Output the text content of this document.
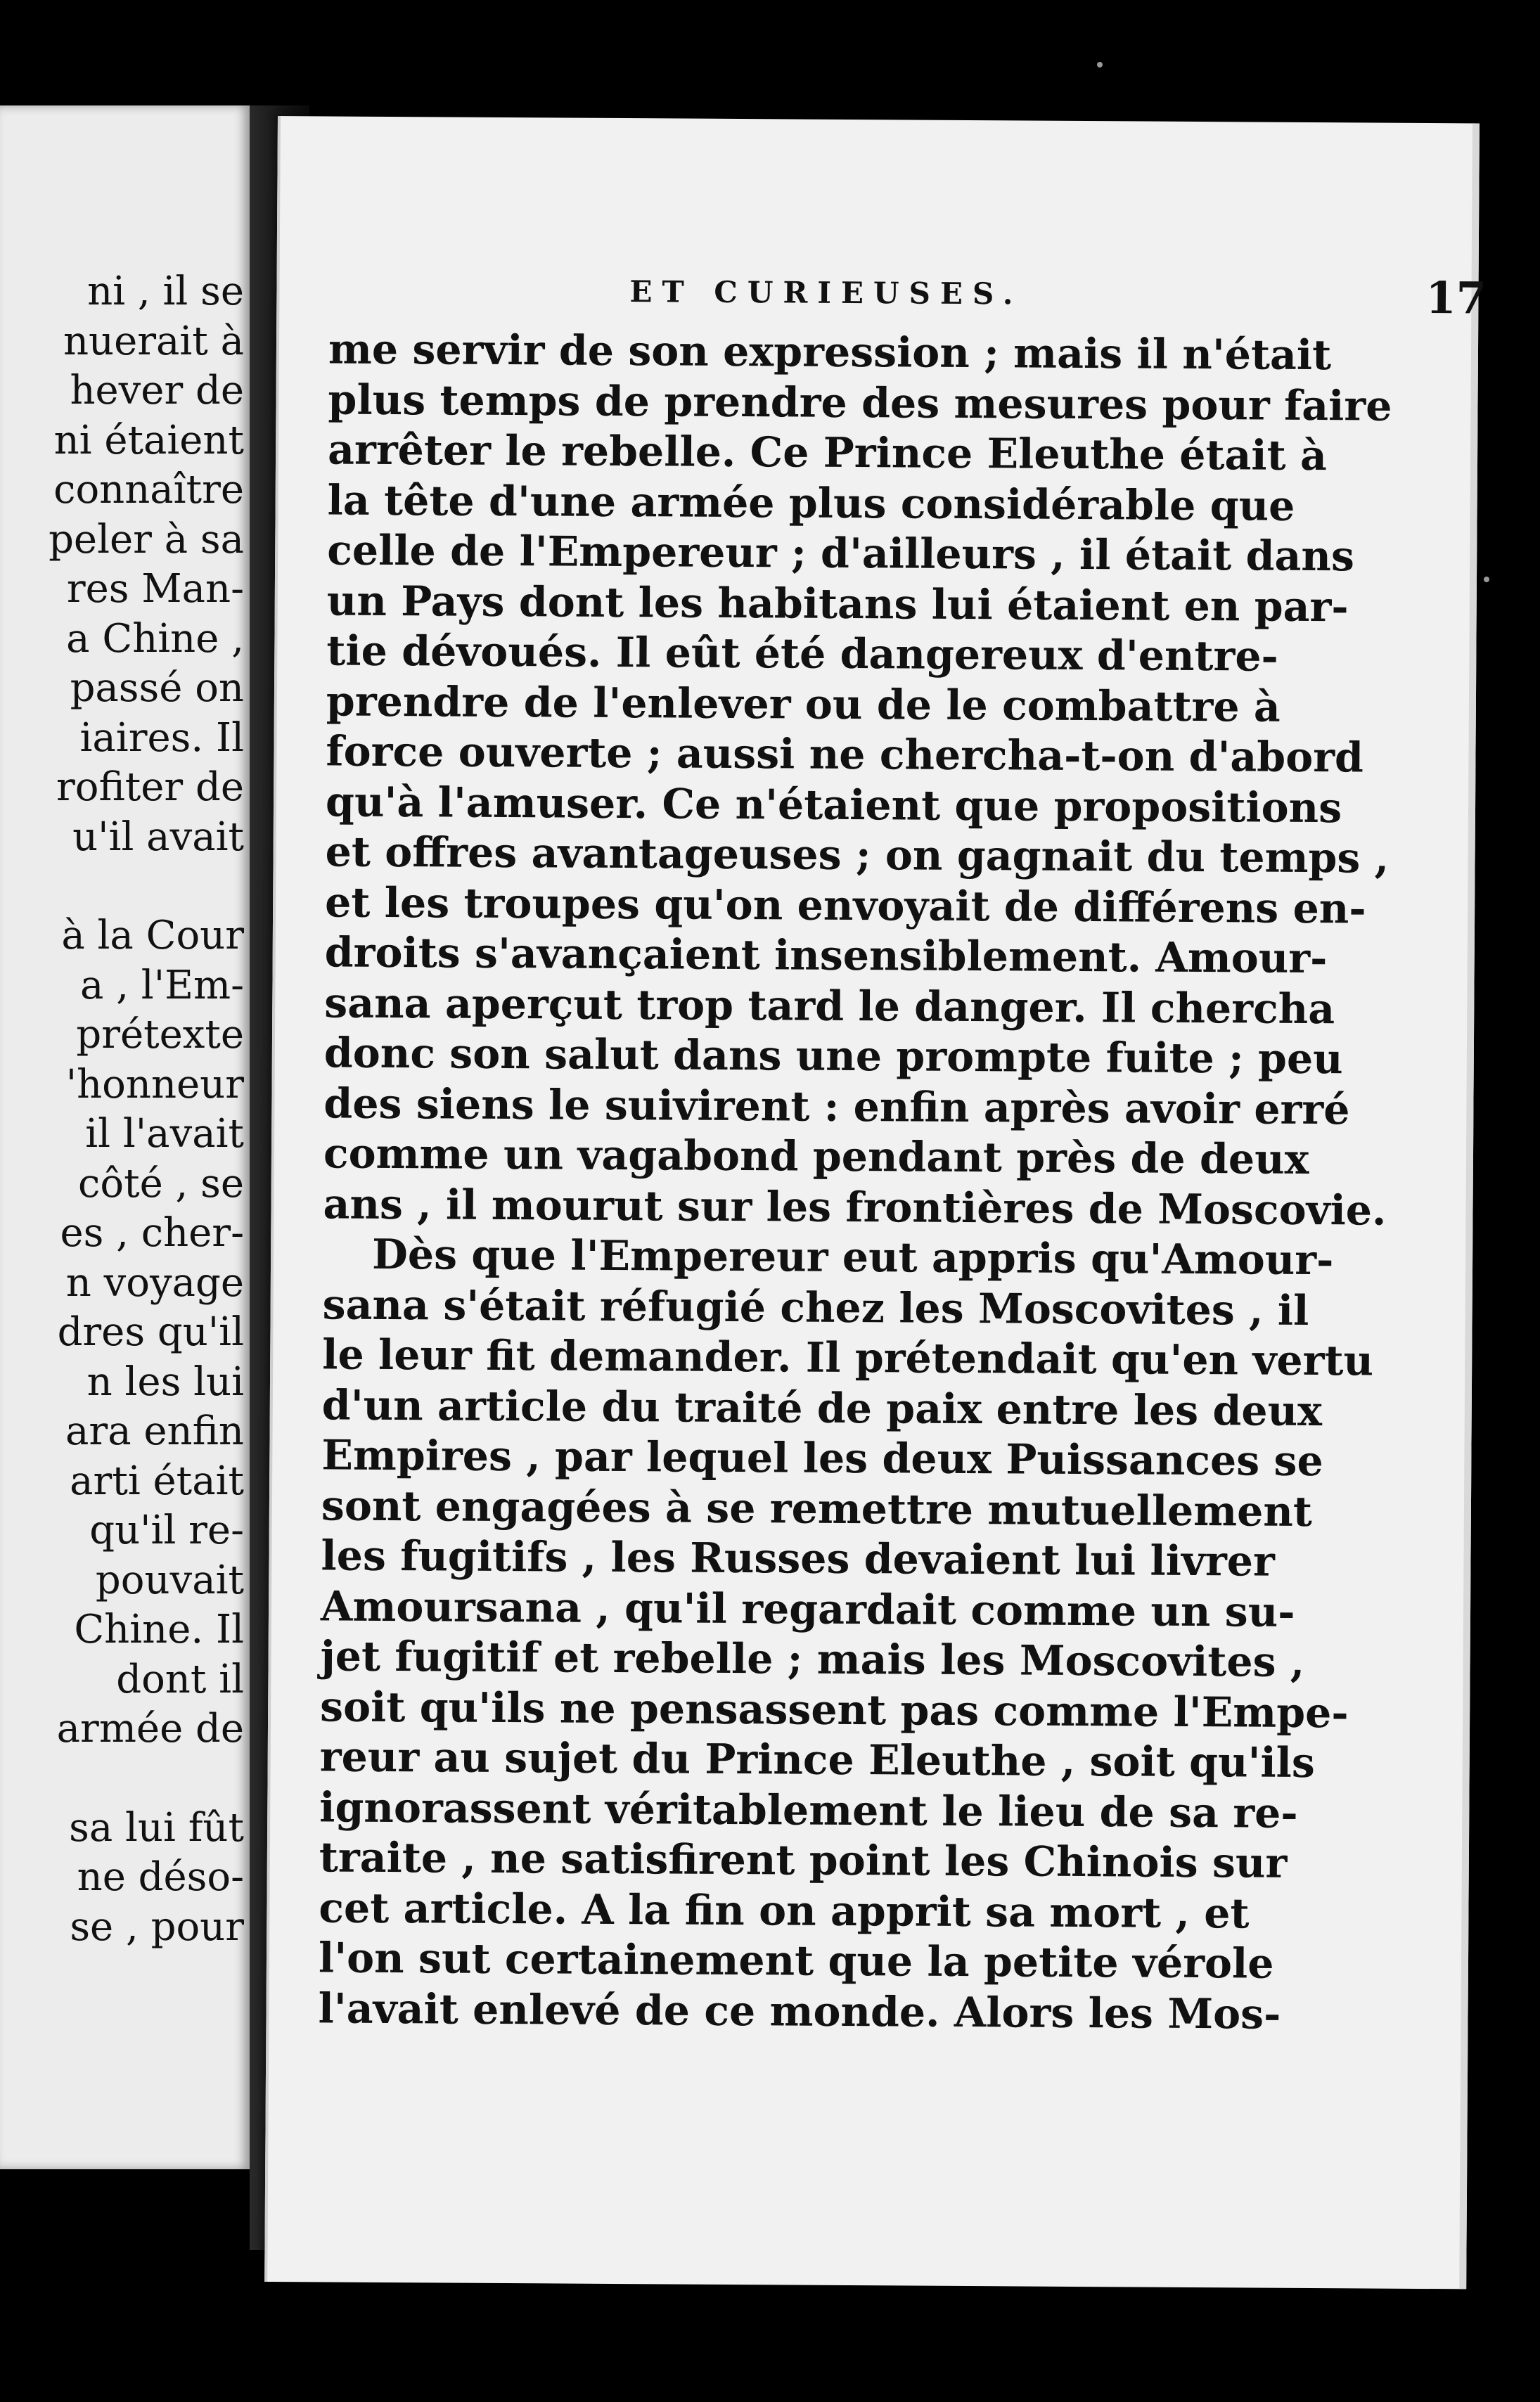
ni , il se
nuerait à
hever de
ni étaient
connaître
peler à sa
res Man-
a Chine ,
passé on
iaires. Il
rofiter de
u'il avait
à la Cour
a , l'Em-
prétexte
'honneur
il l'avait
côté , se
es , cher-
n voyage
dres qu'il
n les lui
ara enfin
arti était
qu'il re-
pouvait
Chine. Il
dont il
armée de
sa lui fût
ne déso-
se , pour
ET CURIEUSES.	17
me servir de son expression ; mais il n'était
plus temps de prendre des mesures pour faire
arrêter le rebelle. Ce Prince Eleuthe était à
la tête d'une armée plus considérable que
celle de l'Empereur ; d'ailleurs , il était dans
un Pays dont les habitans lui étaient en par-
tie dévoués. Il eût été dangereux d'entre-
prendre de l'enlever ou de le combattre à
force ouverte ; aussi ne chercha-t-on d'abord
qu'à l'amuser. Ce n'étaient que propositions
et offres avantageuses ; on gagnait du temps ,
et les troupes qu'on envoyait de différens en-
droits s'avançaient insensiblement. Amour-
sana aperçut trop tard le danger. Il chercha
donc son salut dans une prompte fuite ; peu
des siens le suivirent : enfin après avoir erré
comme un vagabond pendant près de deux
ans , il mourut sur les frontières de Moscovie.
Dès que l'Empereur eut appris qu'Amour-
sana s'était réfugié chez les Moscovites , il
le leur fit demander. Il prétendait qu'en vertu
d'un article du traité de paix entre les deux
Empires , par lequel les deux Puissances se
sont engagées à se remettre mutuellement
les fugitifs , les Russes devaient lui livrer
Amoursana , qu'il regardait comme un su-
jet fugitif et rebelle ; mais les Moscovites ,
soit qu'ils ne pensassent pas comme l'Empe-
reur au sujet du Prince Eleuthe , soit qu'ils
ignorassent véritablement le lieu de sa re-
traite , ne satisfirent point les Chinois sur
cet article. A la fin on apprit sa mort , et
l'on sut certainement que la petite vérole
l'avait enlevé de ce monde. Alors les Mos-
